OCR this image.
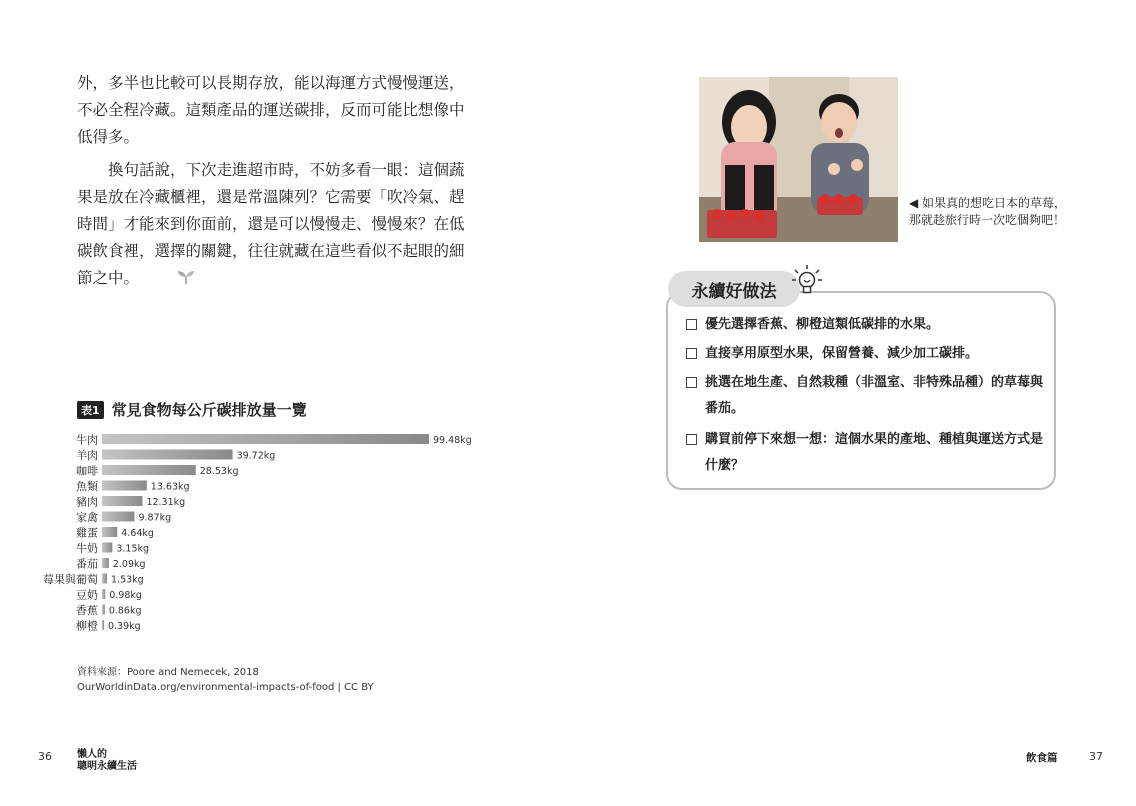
外，多半也比較可以長期存放，能以海運方式慢慢運送，不必全程冷藏。這類產品的運送碳排，反而可能比想像中低得多。

換句話說，下次走進超市時，不妨多看一眼：這個蔬果是放在冷藏櫃裡，還是常溫陳列？它需要「吹冷氣、趕時間」才能來到你面前，還是可以慢慢走、慢慢來？在低碳飲食裡，選擇的關鍵，往往就藏在這些看似不起眼的細節之中。

表1 常見食物每公斤碳排放量一覽
牛肉	99.48kg
羊肉	39.72kg
咖啡	28.53kg
魚類	13.63kg
豬肉	12.31kg
家禽	9.87kg
雞蛋 4.64kg
牛奶 3.15kg
番茄 2.09kg
莓果與葡萄 1.53kg
豆奶 0.98kg
香蕉 0.86kg
柳橙 0.39kg
資料來源：Poore and Nemecek, 2018
OurWorldinData.org/environmental-impacts-of-food | CC BY
36	懶人的
聰明永續生活
◀ 如果真的想吃日本的草莓，那就趁旅行時一次吃個夠吧！
永續好做法
優先選擇香蕉、柳橙這類低碳排的水果。
直接享用原型水果，保留營養、減少加工碳排。
挑選在地生產、自然栽種（非溫室、非特殊品種）的草莓與番茄。
購買前停下來想一想：這個水果的產地、種植與運送方式是什麼？
飲食篇	37
